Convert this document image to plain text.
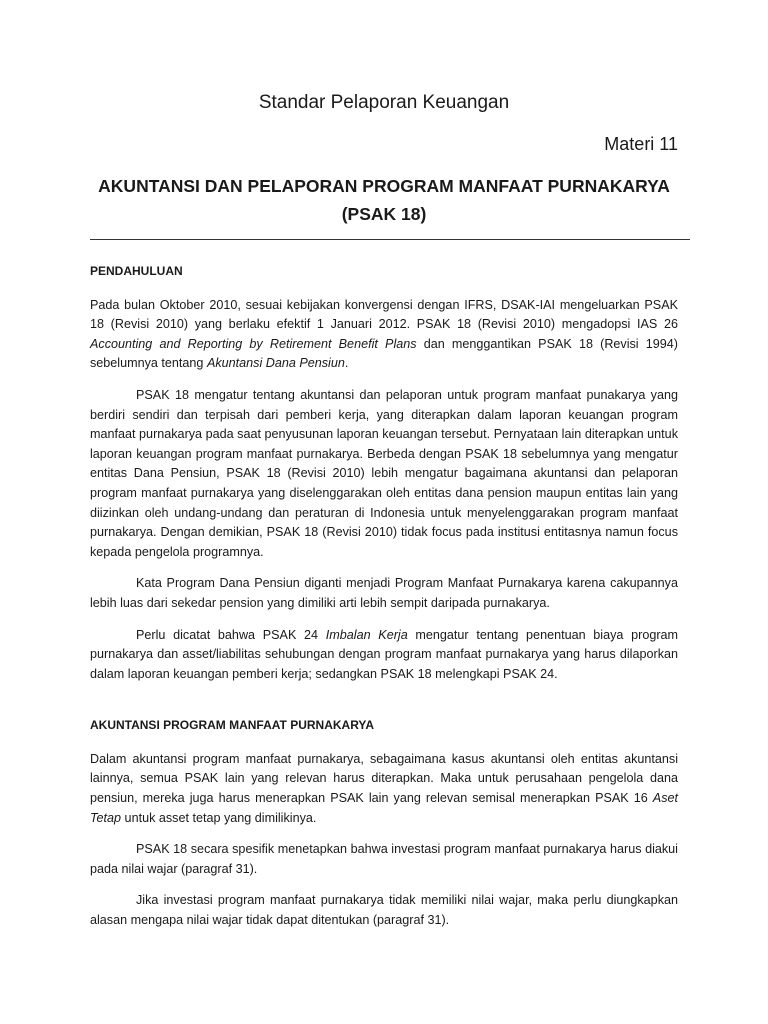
Standar Pelaporan Keuangan
Materi 11
AKUNTANSI DAN PELAPORAN PROGRAM MANFAAT PURNAKARYA
(PSAK 18)
PENDAHULUAN

Pada bulan Oktober 2010, sesuai kebijakan konvergensi dengan IFRS, DSAK-IAI mengeluarkan PSAK 18 (Revisi 2010) yang berlaku efektif 1 Januari 2012. PSAK 18 (Revisi 2010) mengadopsi IAS 26 Accounting and Reporting by Retirement Benefit Plans dan menggantikan PSAK 18 (Revisi 1994) sebelumnya tentang Akuntansi Dana Pensiun.

PSAK 18 mengatur tentang akuntansi dan pelaporan untuk program manfaat punakarya yang berdiri sendiri dan terpisah dari pemberi kerja, yang diterapkan dalam laporan keuangan program manfaat purnakarya pada saat penyusunan laporan keuangan tersebut. Pernyataan lain diterapkan untuk laporan keuangan program manfaat purnakarya. Berbeda dengan PSAK 18 sebelumnya yang mengatur entitas Dana Pensiun, PSAK 18 (Revisi 2010) lebih mengatur bagaimana akuntansi dan pelaporan program manfaat purnakarya yang diselenggarakan oleh entitas dana pension maupun entitas lain yang diizinkan oleh undang-undang dan peraturan di Indonesia untuk menyelenggarakan program manfaat purnakarya. Dengan demikian, PSAK 18 (Revisi 2010) tidak focus pada institusi entitasnya namun focus kepada pengelola programnya.

Kata Program Dana Pensiun diganti menjadi Program Manfaat Purnakarya karena cakupannya lebih luas dari sekedar pension yang dimiliki arti lebih sempit daripada purnakarya.

Perlu dicatat bahwa PSAK 24 Imbalan Kerja mengatur tentang penentuan biaya program purnakarya dan asset/liabilitas sehubungan dengan program manfaat purnakarya yang harus dilaporkan dalam laporan keuangan pemberi kerja; sedangkan PSAK 18 melengkapi PSAK 24.

AKUNTANSI PROGRAM MANFAAT PURNAKARYA

Dalam akuntansi program manfaat purnakarya, sebagaimana kasus akuntansi oleh entitas akuntansi lainnya, semua PSAK lain yang relevan harus diterapkan. Maka untuk perusahaan pengelola dana pensiun, mereka juga harus menerapkan PSAK lain yang relevan semisal menerapkan PSAK 16 Aset Tetap untuk asset tetap yang dimilikinya.

PSAK 18 secara spesifik menetapkan bahwa investasi program manfaat purnakarya harus diakui pada nilai wajar (paragraf 31).

Jika investasi program manfaat purnakarya tidak memiliki nilai wajar, maka perlu diungkapkan alasan mengapa nilai wajar tidak dapat ditentukan (paragraf 31).
